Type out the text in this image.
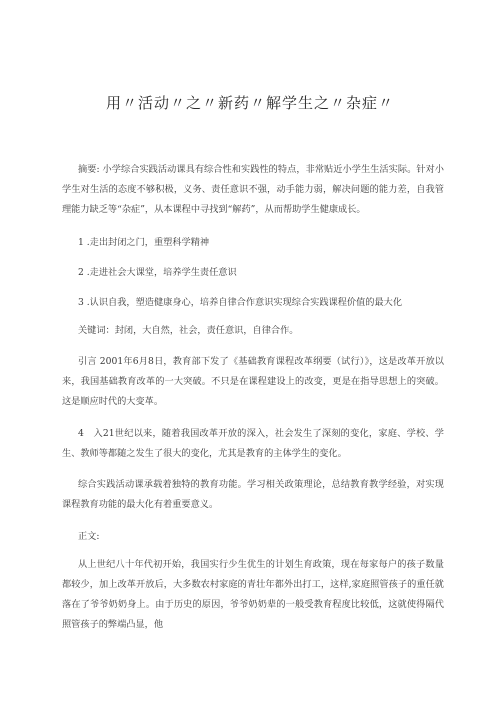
用〃活动〃之〃新药〃解学生之〃杂症〃
摘要: 小学综合实践活动课具有综合性和实践性的特点，非常贴近小学生生活实际。针对小学生对生活的态度不够积极，义务、责任意识不强，动手能力弱，解决问题的能力差，自我管理能力缺乏等“杂症”，从本课程中寻找到“解药”，从而帮助学生健康成长。
1 .走出封闭之门，重塑科学精神
2 .走进社会大课堂，培养学生责任意识
3 .认识自我，塑造健康身心，培养自律合作意识实现综合实践课程价值的最大化
关键词：封闭，大自然，社会，责任意识，自律合作。
引言 2001年6月8日，教育部下发了《基础教育课程改革纲要（试行）》，这是改革开放以来，我国基础教育改革的一大突破。不只是在课程建设上的改变，更是在指导思想上的突破。这是顺应时代的大变革。
4　入21世纪以来，随着我国改革开放的深入，社会发生了深刻的变化，家庭、学校、学生、教师等都随之发生了很大的变化，尤其是教育的主体学生的变化。
综合实践活动课承载着独特的教育功能。学习相关政策理论，总结教育教学经验，对实现课程教育功能的最大化有着重要意义。
正文:
从上世纪八十年代初开始，我国实行少生优生的计划生育政策，现在每家每户的孩子数量都较少，加上改革开放后，大多数农村家庭的青壮年都外出打工，这样,家庭照管孩子的重任就落在了爷爷奶奶身上。由于历史的原因，爷爷奶奶辈的一般受教育程度比较低，这就使得隔代照管孩子的弊端凸显，他
